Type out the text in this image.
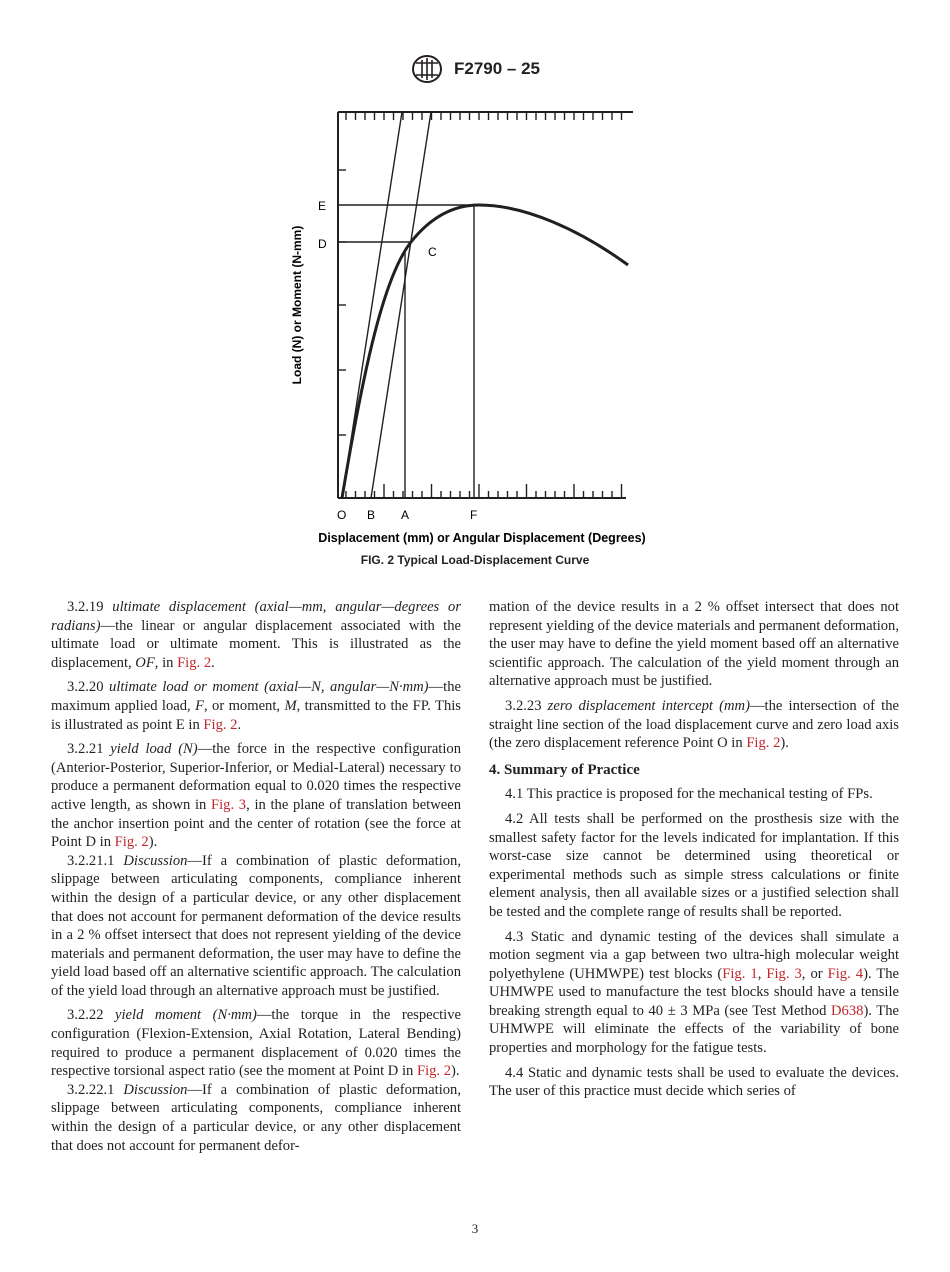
F2790 – 25
E
D
C
O B A	F
Load (N) or Moment (N-mm)
Displacement (mm) or Angular Displacement (Degrees)
FIG. 2 Typical Load-Displacement Curve

3.2.19 ultimate displacement (axial—mm, angular—degrees or radians)—the linear or angular displacement associated with the ultimate load or ultimate moment. This is illustrated as the displacement, OF, in Fig. 2.

3.2.20 ultimate load or moment (axial—N, angular—N·mm)—the maximum applied load, F, or moment, M, transmitted to the FP. This is illustrated as point E in Fig. 2.

3.2.21 yield load (N)—the force in the respective configuration (Anterior-Posterior, Superior-Inferior, or Medial-Lateral) necessary to produce a permanent deformation equal to 0.020 times the respective active length, as shown in Fig. 3, in the plane of translation between the anchor insertion point and the center of rotation (see the force at Point D in Fig. 2).

3.2.21.1 Discussion—If a combination of plastic deformation, slippage between articulating components, compliance inherent within the design of a particular device, or any other displacement that does not account for permanent deformation of the device results in a 2 % offset intersect that does not represent yielding of the device materials and permanent deformation, the user may have to define the yield load based off an alternative scientific approach. The calculation of the yield load through an alternative approach must be justified.

3.2.22 yield moment (N·mm)—the torque in the respective configuration (Flexion-Extension, Axial Rotation, Lateral Bending) required to produce a permanent displacement of 0.020 times the respective torsional aspect ratio (see the moment at Point D in Fig. 2).

3.2.22.1 Discussion—If a combination of plastic deformation, slippage between articulating components, compliance inherent within the design of a particular device, or any other displacement that does not account for permanent defor-

mation of the device results in a 2 % offset intersect that does not represent yielding of the device materials and permanent deformation, the user may have to define the yield moment based off an alternative scientific approach. The calculation of the yield moment through an alternative approach must be justified.

3.2.23 zero displacement intercept (mm)—the intersection of the straight line section of the load displacement curve and zero load axis (the zero displacement reference Point O in Fig. 2).

4. Summary of Practice

4.1 This practice is proposed for the mechanical testing of FPs.

4.2 All tests shall be performed on the prosthesis size with the smallest safety factor for the levels indicated for implantation. If this worst-case size cannot be determined using theoretical or experimental methods such as simple stress calculations or finite element analysis, then all available sizes or a justified selection shall be tested and the complete range of results shall be reported.

4.3 Static and dynamic testing of the devices shall simulate a motion segment via a gap between two ultra-high molecular weight polyethylene (UHMWPE) test blocks (Fig. 1, Fig. 3, or Fig. 4). The UHMWPE used to manufacture the test blocks should have a tensile breaking strength equal to 40 ± 3 MPa (see Test Method D638). The UHMWPE will eliminate the effects of the variability of bone properties and morphology for the fatigue tests.

4.4 Static and dynamic tests shall be used to evaluate the devices. The user of this practice must decide which series of

3
